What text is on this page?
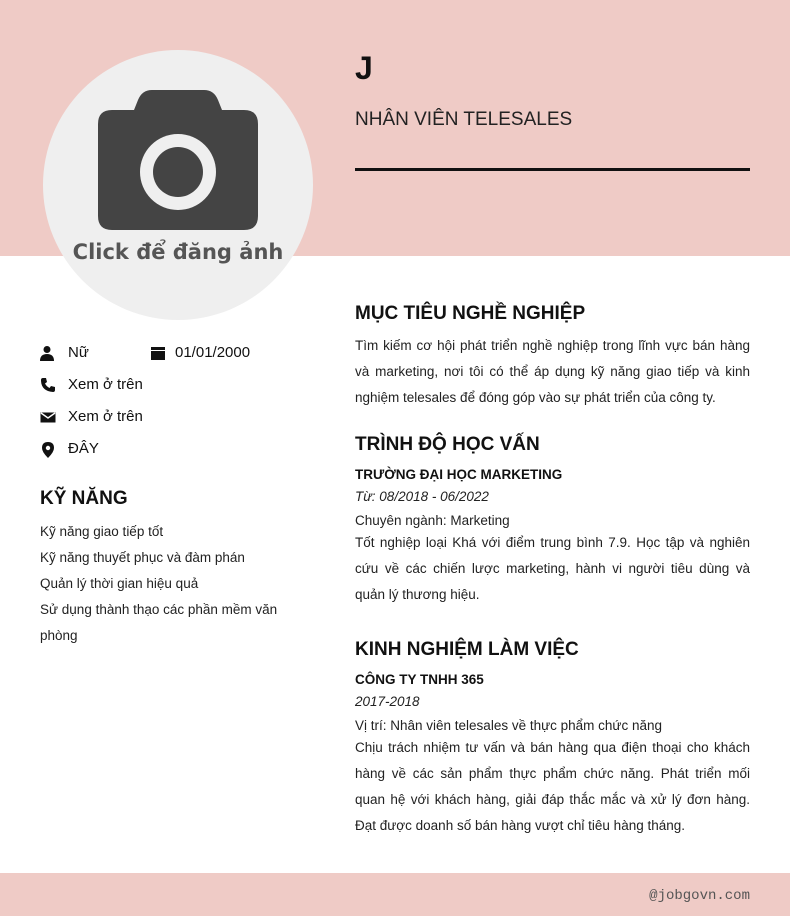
Click để đăng ảnh
J
NHÂN VIÊN TELESALES
Nữ	01/01/2000
Xem ở trên
Xem ở trên
ĐÂY
KỸ NĂNG
Kỹ năng giao tiếp tốt
Kỹ năng thuyết phục và đàm phán
Quản lý thời gian hiệu quả
Sử dụng thành thạo các phần mềm văn phòng
MỤC TIÊU NGHỀ NGHIỆP
Tìm kiếm cơ hội phát triển nghề nghiệp trong lĩnh vực bán hàng và marketing, nơi tôi có thể áp dụng kỹ năng giao tiếp và kinh nghiệm telesales để đóng góp vào sự phát triển của công ty.
TRÌNH ĐỘ HỌC VẤN
TRƯỜNG ĐẠI HỌC MARKETING
Từ: 08/2018 - 06/2022
Chuyên ngành: Marketing
Tốt nghiệp loại Khá với điểm trung bình 7.9. Học tập và nghiên cứu về các chiến lược marketing, hành vi người tiêu dùng và quản lý thương hiệu.
KINH NGHIỆM LÀM VIỆC
CÔNG TY TNHH 365
2017-2018
Vị trí: Nhân viên telesales về thực phẩm chức năng
Chịu trách nhiệm tư vấn và bán hàng qua điện thoại cho khách hàng về các sản phẩm thực phẩm chức năng. Phát triển mối quan hệ với khách hàng, giải đáp thắc mắc và xử lý đơn hàng. Đạt được doanh số bán hàng vượt chỉ tiêu hàng tháng.
@jobgovn.com
